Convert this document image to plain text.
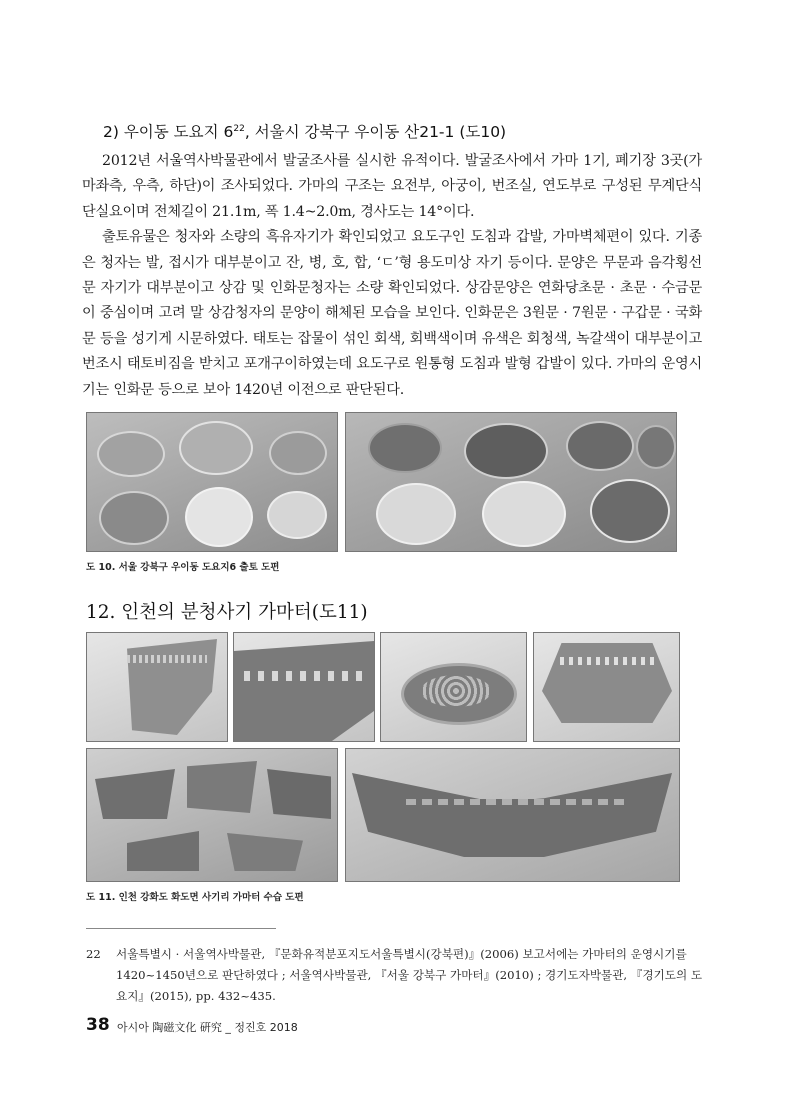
2) 우이동 도요지 $6^{22}$, 서울시 강북구 우이동 산21-1 (도10)

2012년 서울역사박물관에서 발굴조사를 실시한 유적이다. 발굴조사에서 가마 1기, 폐기장 3곳(가마좌측, 우측, 하단)이 조사되었다. 가마의 구조는 요전부, 아궁이, 번조실, 연도부로 구성된 무계단식 단실요이며 전체길이 21.1m, 폭 1.4~2.0m, 경사도는 14°이다.

출토유물은 청자와 소량의 흑유자기가 확인되었고 요도구인 도침과 갑발, 가마벽체편이 있다. 기종은 청자는 발, 접시가 대부분이고 잔, 병, 호, 합, ‘ㄷ’형 용도미상 자기 등이다. 문양은 무문과 음각횡선문 자기가 대부분이고 상감 및 인화문청자는 소량 확인되었다. 상감문양은 연화당초문 · 초문 · 수금문이 중심이며 고려 말 상감청자의 문양이 해체된 모습을 보인다. 인화문은 3원문 · 7원문 · 구갑문 · 국화문 등을 성기게 시문하였다. 태토는 잡물이 섞인 회색, 회백색이며 유색은 회청색, 녹갈색이 대부분이고 번조시 태토비짐을 받치고 포개구이하였는데 요도구로 원통형 도침과 발형 갑발이 있다. 가마의 운영시기는 인화문 등으로 보아 1420년 이전으로 판단된다.

도 10. 서울 강북구 우이동 도요지6 출토 도편
12. 인천의 분청사기 가마터(도11)
도 11. 인천 강화도 화도면 사기리 가마터 수습 도편
22 서울특별시 · 서울역사박물관, 『문화유적분포지도서울특별시(강북편)』(2006) 보고서에는 가마터의 운영시기를 1420~1450년으로 판단하였다 ; 서울역사박물관, 『서울 강북구 가마터』(2010) ; 경기도자박물관, 『경기도의 도요지』(2015), pp. 432~435.
38 아시아 陶磁文化 硏究 _ 정진호 2018
